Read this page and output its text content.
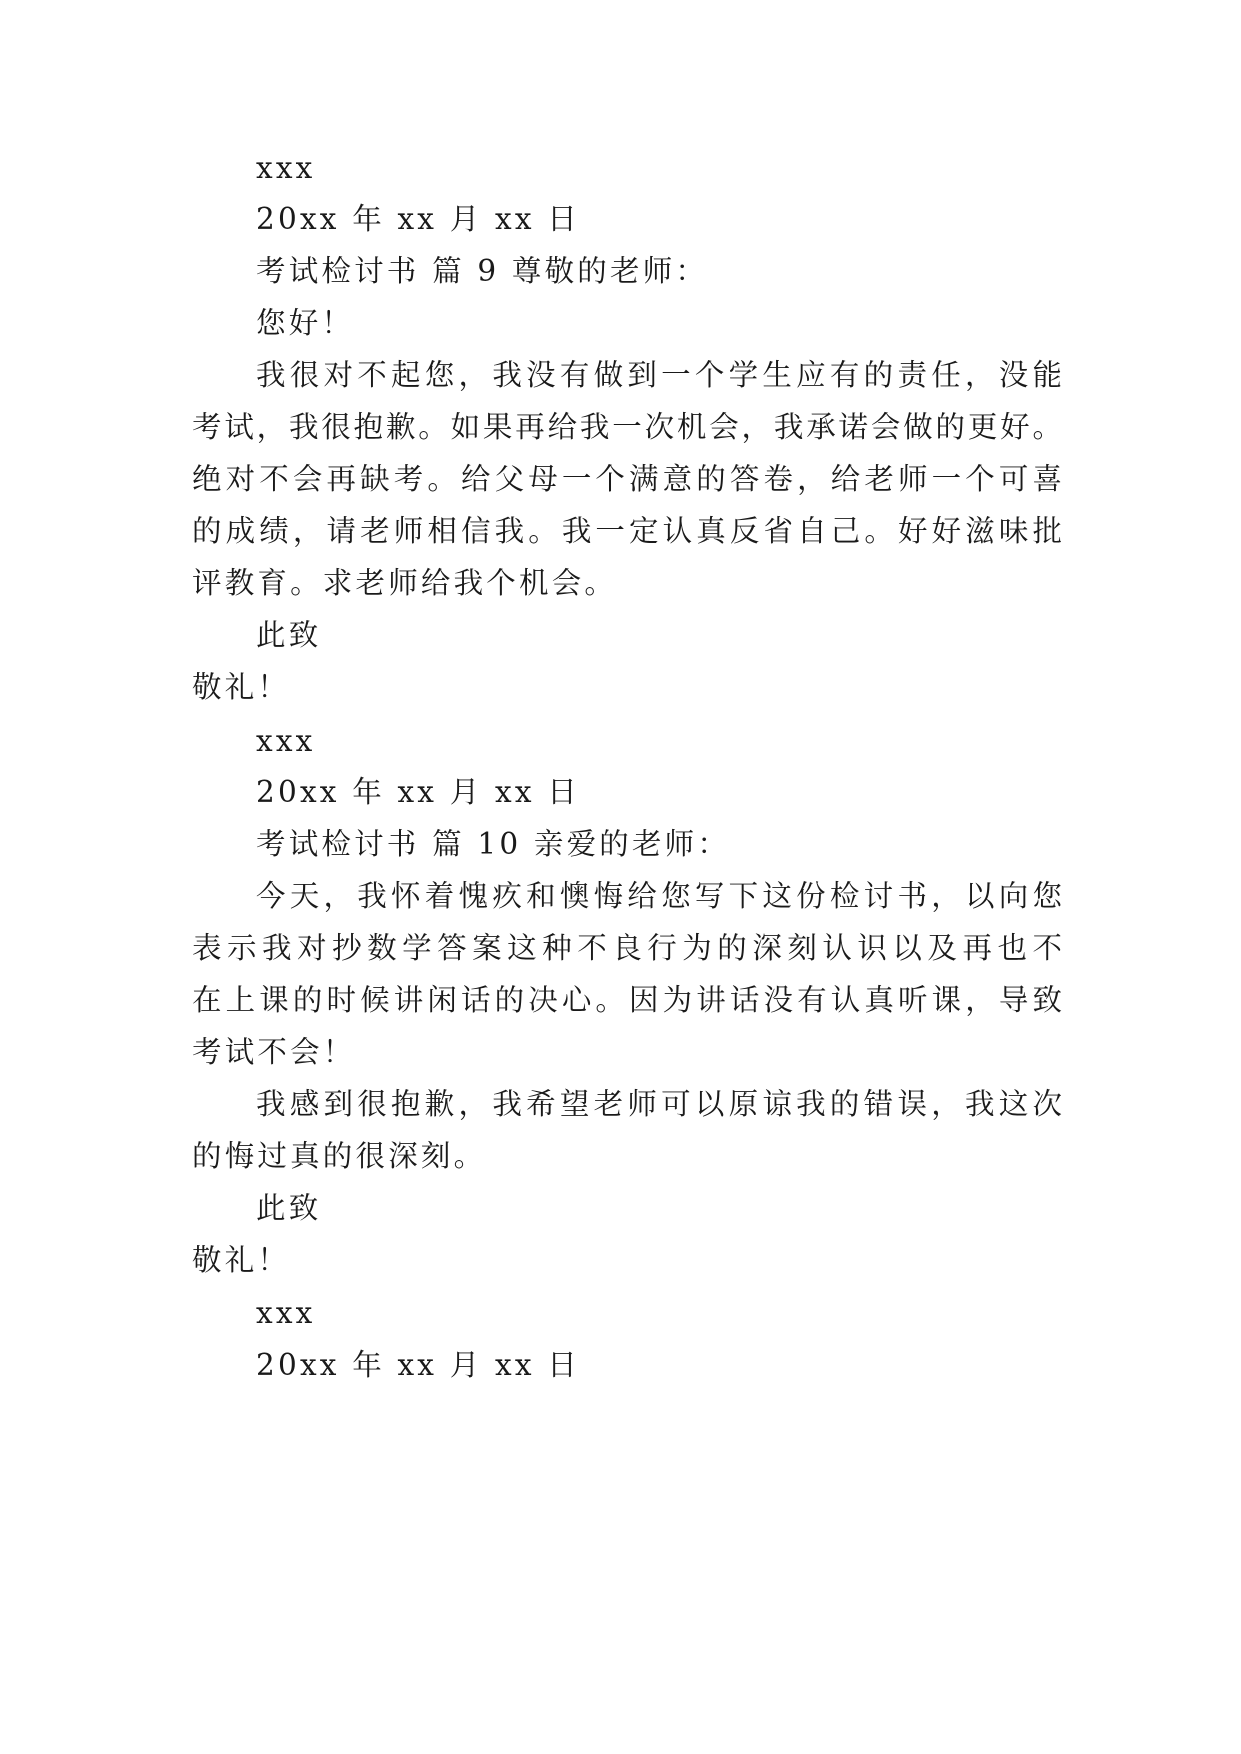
xxx
20xx 年 xx 月 xx 日
考试检讨书 篇 9 尊敬的老师：
您好！
我很对不起您，我没有做到一个学生应有的责任，没能
考试，我很抱歉。如果再给我一次机会，我承诺会做的更好。
绝对不会再缺考。给父母一个满意的答卷，给老师一个可喜
的成绩，请老师相信我。我一定认真反省自己。好好滋味批
评教育。求老师给我个机会。
此致
敬礼！
xxx
20xx 年 xx 月 xx 日
考试检讨书 篇 10 亲爱的老师：
今天，我怀着愧疚和懊悔给您写下这份检讨书，以向您
表示我对抄数学答案这种不良行为的深刻认识以及再也不
在上课的时候讲闲话的决心。因为讲话没有认真听课，导致
考试不会！
我感到很抱歉，我希望老师可以原谅我的错误，我这次
的悔过真的很深刻。
此致
敬礼！
xxx
20xx 年 xx 月 xx 日
